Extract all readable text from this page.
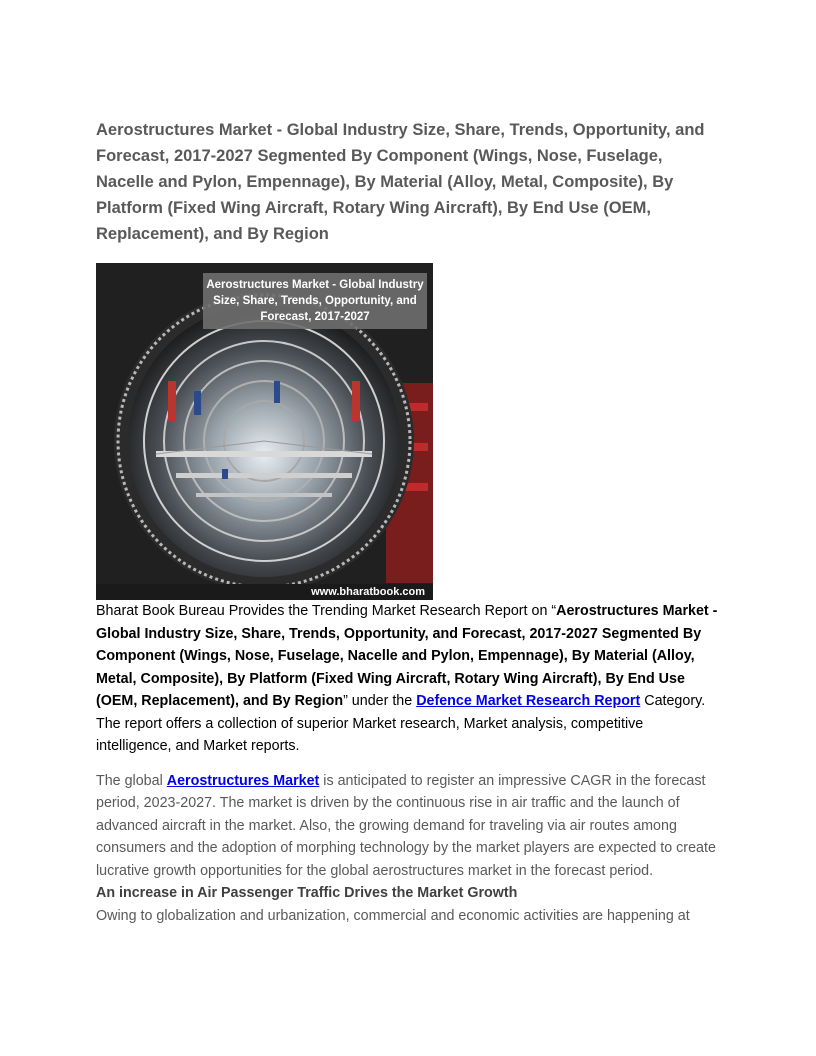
Aerostructures Market - Global Industry Size, Share, Trends, Opportunity, and Forecast, 2017-2027 Segmented By Component (Wings, Nose, Fuselage, Nacelle and Pylon, Empennage), By Material (Alloy, Metal, Composite), By Platform (Fixed Wing Aircraft, Rotary Wing Aircraft), By End Use (OEM, Replacement), and By Region
Aerostructures Market - Global Industry Size, Share, Trends, Opportunity, and Forecast, 2017-2027
www.bharatbook.com

Bharat Book Bureau Provides the Trending Market Research Report on “Aerostructures Market - Global Industry Size, Share, Trends, Opportunity, and Forecast, 2017-2027 Segmented By Component (Wings, Nose, Fuselage, Nacelle and Pylon, Empennage), By Material (Alloy, Metal, Composite), By Platform (Fixed Wing Aircraft, Rotary Wing Aircraft), By End Use (OEM, Replacement), and By Region” under the Defence Market Research Report Category. The report offers a collection of superior Market research, Market analysis, competitive intelligence, and Market reports.

The global Aerostructures Market is anticipated to register an impressive CAGR in the forecast period, 2023-2027. The market is driven by the continuous rise in air traffic and the launch of advanced aircraft in the market. Also, the growing demand for traveling via air routes among consumers and the adoption of morphing technology by the market players are expected to create lucrative growth opportunities for the global aerostructures market in the forecast period.

An increase in Air Passenger Traffic Drives the Market Growth

Owing to globalization and urbanization, commercial and economic activities are happening at
